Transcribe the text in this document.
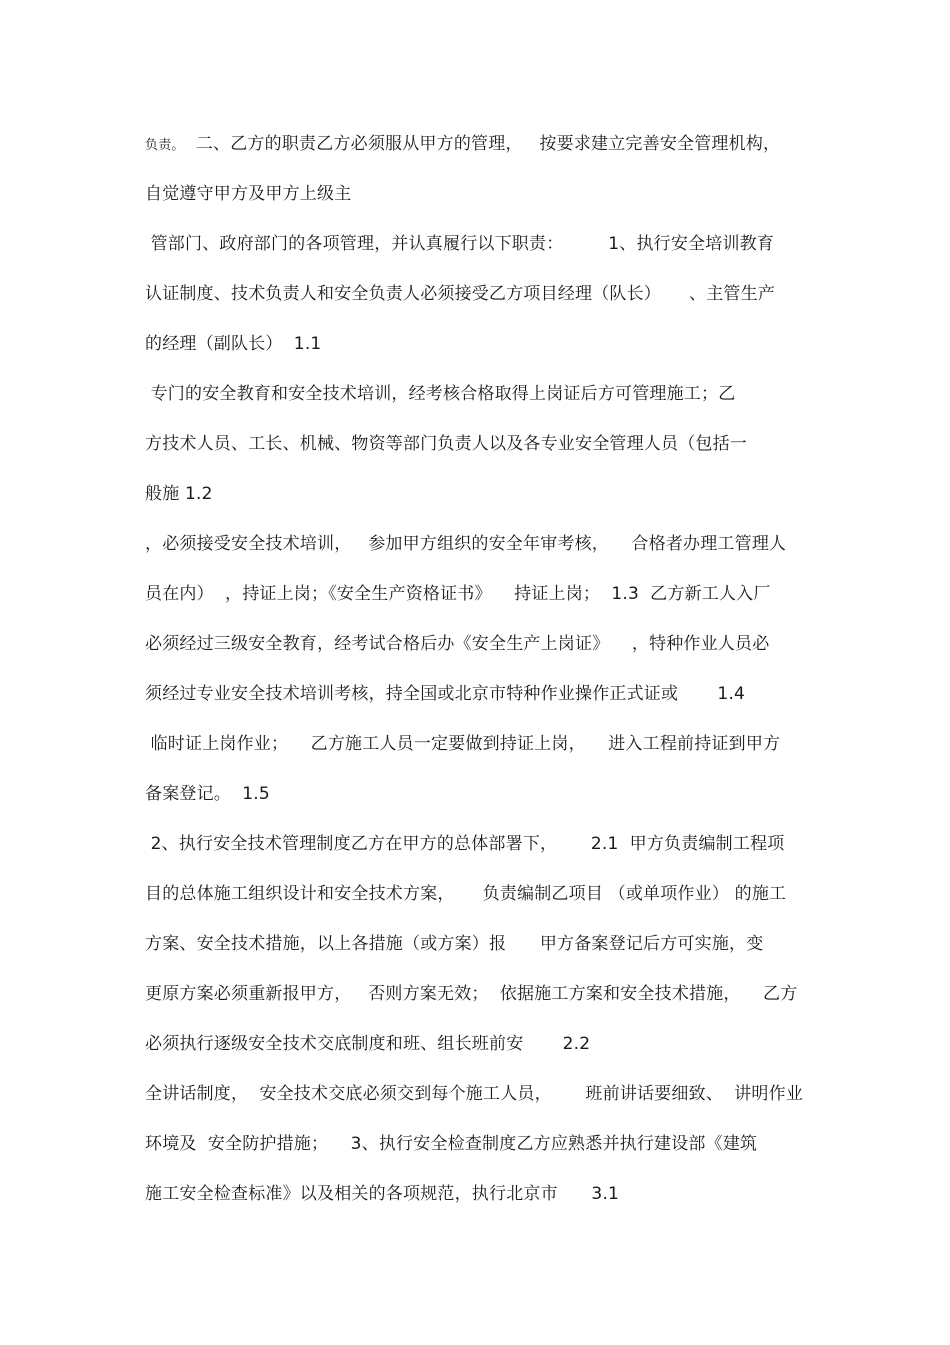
负责。  二、乙方的职责乙方必须服从甲方的管理，   按要求建立完善安全管理机构，
自觉遵守甲方及甲方上级主
管部门、政府部门的各项管理，并认真履行以下职责：        1、执行安全培训教育
认证制度、技术负责人和安全负责人必须接受乙方项目经理（队长）     、主管生产
的经理（副队长）  1.1
专门的安全教育和安全技术培训，经考核合格取得上岗证后方可管理施工；乙
方技术人员、工长、机械、物资等部门负责人以及各专业安全管理人员（包括一
般施 1.2
，必须接受安全技术培训，   参加甲方组织的安全年审考核，    合格者办理工管理人
员在内）  ，持证上岗；《安全生产资格证书》    持证上岗；  1.3  乙方新工人入厂
必须经过三级安全教育，经考试合格后办《安全生产上岗证》    ，特种作业人员必
须经过专业安全技术培训考核，持全国或北京市特种作业操作正式证或       1.4
临时证上岗作业；    乙方施工人员一定要做到持证上岗，    进入工程前持证到甲方
备案登记。  1.5
2、执行安全技术管理制度乙方在甲方的总体部署下，      2.1  甲方负责编制工程项
目的总体施工组织设计和安全技术方案，     负责编制乙项目 （或单项作业） 的施工
方案、安全技术措施，以上各措施（或方案）报      甲方备案登记后方可实施，变
更原方案必须重新报甲方，   否则方案无效；  依据施工方案和安全技术措施，    乙方
必须执行逐级安全技术交底制度和班、组长班前安       2.2
全讲话制度，  安全技术交底必须交到每个施工人员，      班前讲话要细致、  讲明作业
环境及  安全防护措施；    3、执行安全检查制度乙方应熟悉并执行建设部《建筑
施工安全检查标准》以及相关的各项规范，执行北京市      3.1
